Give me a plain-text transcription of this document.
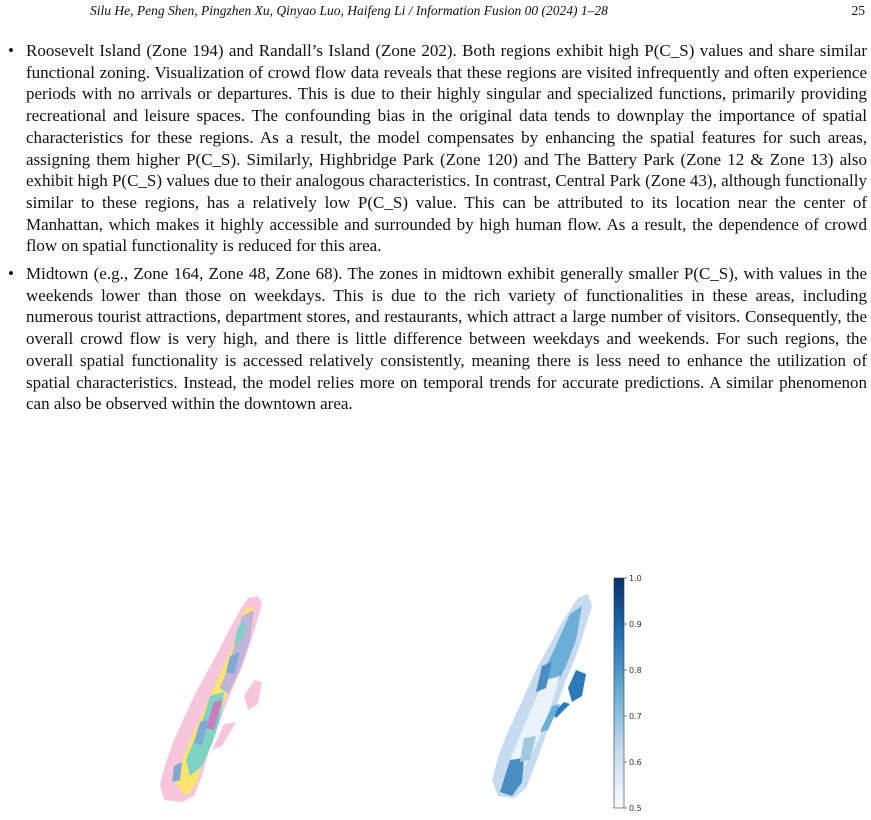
Silu He, Peng Shen, Pingzhen Xu, Qinyao Luo, Haifeng Li / Information Fusion 00 (2024) 1–28	25
• Roosevelt Island (Zone 194) and Randall’s Island (Zone 202). Both regions exhibit high P(C_S) values and share similar functional zoning. Visualization of crowd flow data reveals that these regions are visited infrequently and often experience periods with no arrivals or departures. This is due to their highly singular and specialized functions, primarily providing recreational and leisure spaces. The confounding bias in the original data tends to downplay the importance of spatial characteristics for these regions. As a result, the model compensates by enhancing the spatial features for such areas, assigning them higher P(C_S). Similarly, Highbridge Park (Zone 120) and The Battery Park (Zone 12 & Zone 13) also exhibit high P(C_S) values due to their analogous characteristics. In contrast, Central Park (Zone 43), although functionally similar to these regions, has a relatively low P(C_S) value. This can be attributed to its location near the center of Manhattan, which makes it highly accessible and surrounded by high human flow. As a result, the dependence of crowd flow on spatial functionality is reduced for this area.
• Midtown (e.g., Zone 164, Zone 48, Zone 68). The zones in midtown exhibit generally smaller P(C_S), with values in the weekends lower than those on weekdays. This is due to the rich variety of functionalities in these areas, including numerous tourist attractions, department stores, and restaurants, which attract a large number of visitors. Consequently, the overall crowd flow is very high, and there is little difference between weekdays and weekends. For such regions, the overall spatial functionality is accessed relatively consistently, meaning there is less need to enhance the utilization of spatial characteristics. Instead, the model relies more on temporal trends for accurate predictions. A similar phenomenon can also be observed within the downtown area.
1.0
0.9
0.8
0.7
0.6
0.5
